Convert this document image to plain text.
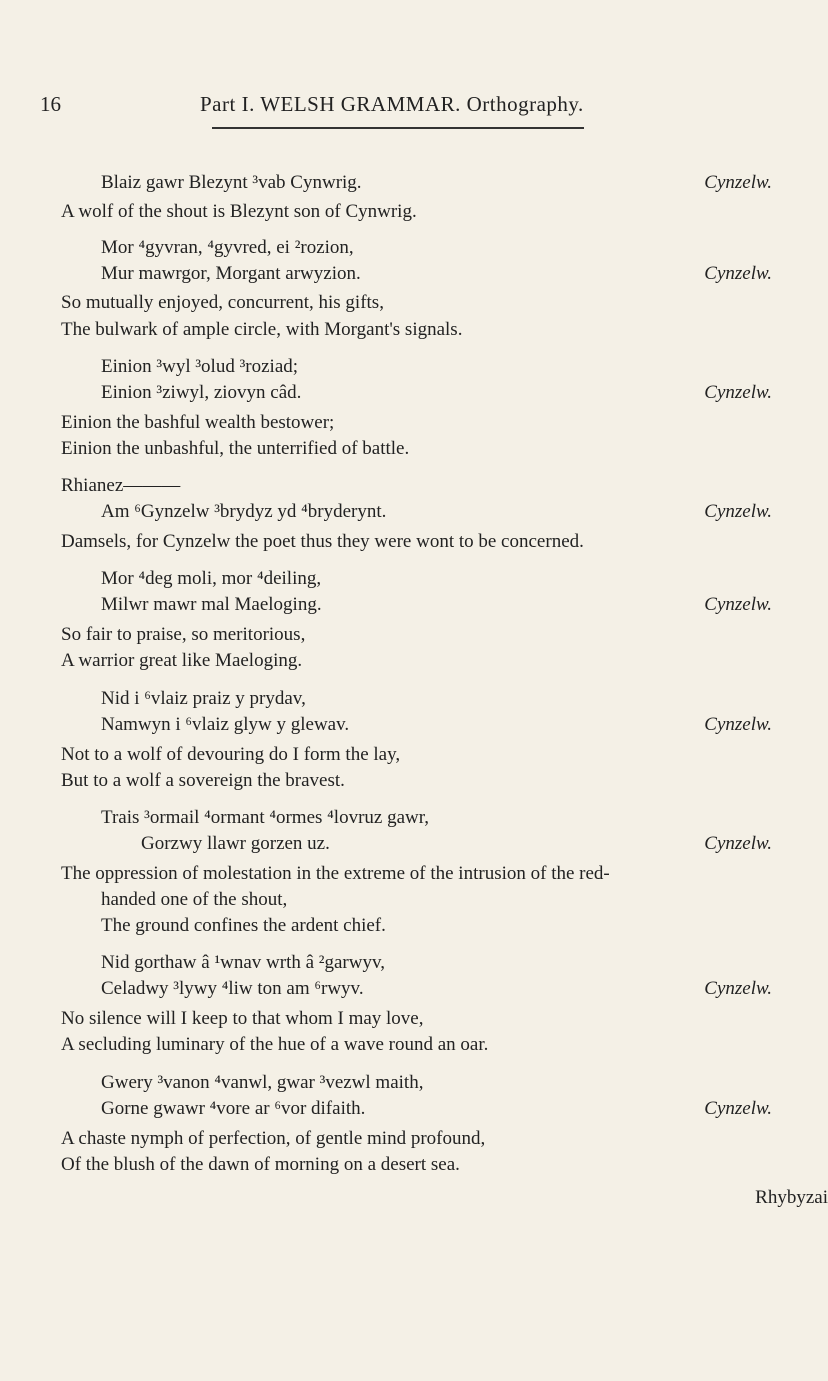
16	Part I. WELSH GRAMMAR. Orthography.
Blaiz gawr Blezynt ³vab Cynwrig.	Cynzelw.
A wolf of the shout is Blezynt son of Cynwrig.
Mor ⁴gyvran, ⁴gyvred, ei ²rozion,
Mur mawrgor, Morgant arwyzion.	Cynzelw.
So mutually enjoyed, concurrent, his gifts,
The bulwark of ample circle, with Morgant's signals.
Einion ³wyl ³olud ³roziad;
Einion ³ziwyl, ziovyn câd.	Cynzelw.
Einion the bashful wealth bestower;
Einion the unbashful, the unterrified of battle.
Rhianez———
Am ⁶Gynzelw ³brydyz yd ⁴bryderynt.	Cynzelw.
Damsels, for Cynzelw the poet thus they were wont to be concerned.
Mor ⁴deg moli, mor ⁴deiling,
Milwr mawr mal Maeloging.	Cynzelw.
So fair to praise, so meritorious,
A warrior great like Maeloging.
Nid i ⁶vlaiz praiz y prydav,
Namwyn i ⁶vlaiz glyw y glewav.	Cynzelw.
Not to a wolf of devouring do I form the lay,
But to a wolf a sovereign the bravest.
Trais ³ormail ⁴ormant ⁴ormes ⁴lovruz gawr,
Gorzwy llawr gorzen uz.	Cynzelw.
The oppression of molestation in the extreme of the intrusion of the red-
handed one of the shout,
The ground confines the ardent chief.
Nid gorthaw â ¹wnav wrth â ²garwyv,
Celadwy ³lywy ⁴liw ton am ⁶rwyv.	Cynzelw.
No silence will I keep to that whom I may love,
A secluding luminary of the hue of a wave round an oar.
Gwery ³vanon ⁴vanwl, gwar ³vezwl maith,
Gorne gwawr ⁴vore ar ⁶vor difaith.	Cynzelw.
A chaste nymph of perfection, of gentle mind profound,
Of the blush of the dawn of morning on a desert sea.
Rhybyzai
